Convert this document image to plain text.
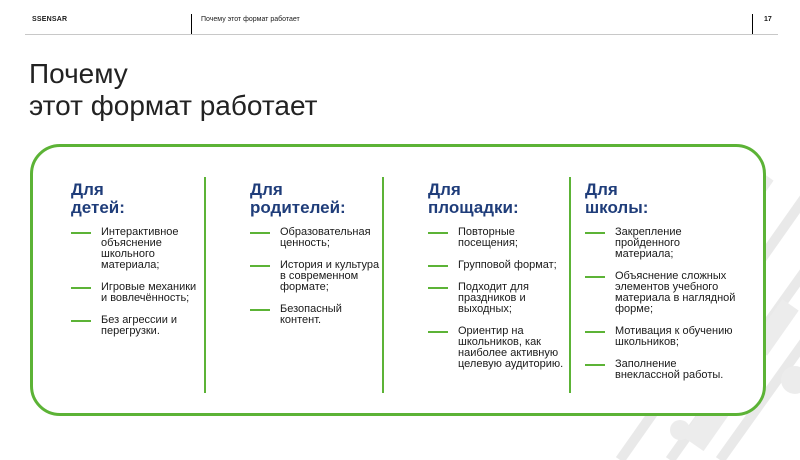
SSENSAR	Почему этот формат работает	17
Почему
этот формат работает
Для
детей:
Интерактивное
объяснение
школьного
материала;
Игровые механики
и вовлечённость;
Без агрессии и
перегрузки.
Для
родителей:
Образовательная
ценность;
История и культура
в современном
формате;
Безопасный
контент.
Для
площадки:
Повторные
посещения;
Групповой формат;
Подходит для
праздников и
выходных;
Ориентир на
школьников, как
наиболее активную
целевую аудиторию.
Для
школы:
Закрепление
пройденного
материала;
Объяснение сложных
элементов учебного
материала в наглядной
форме;
Мотивация к обучению
школьников;
Заполнение
внеклассной работы.
